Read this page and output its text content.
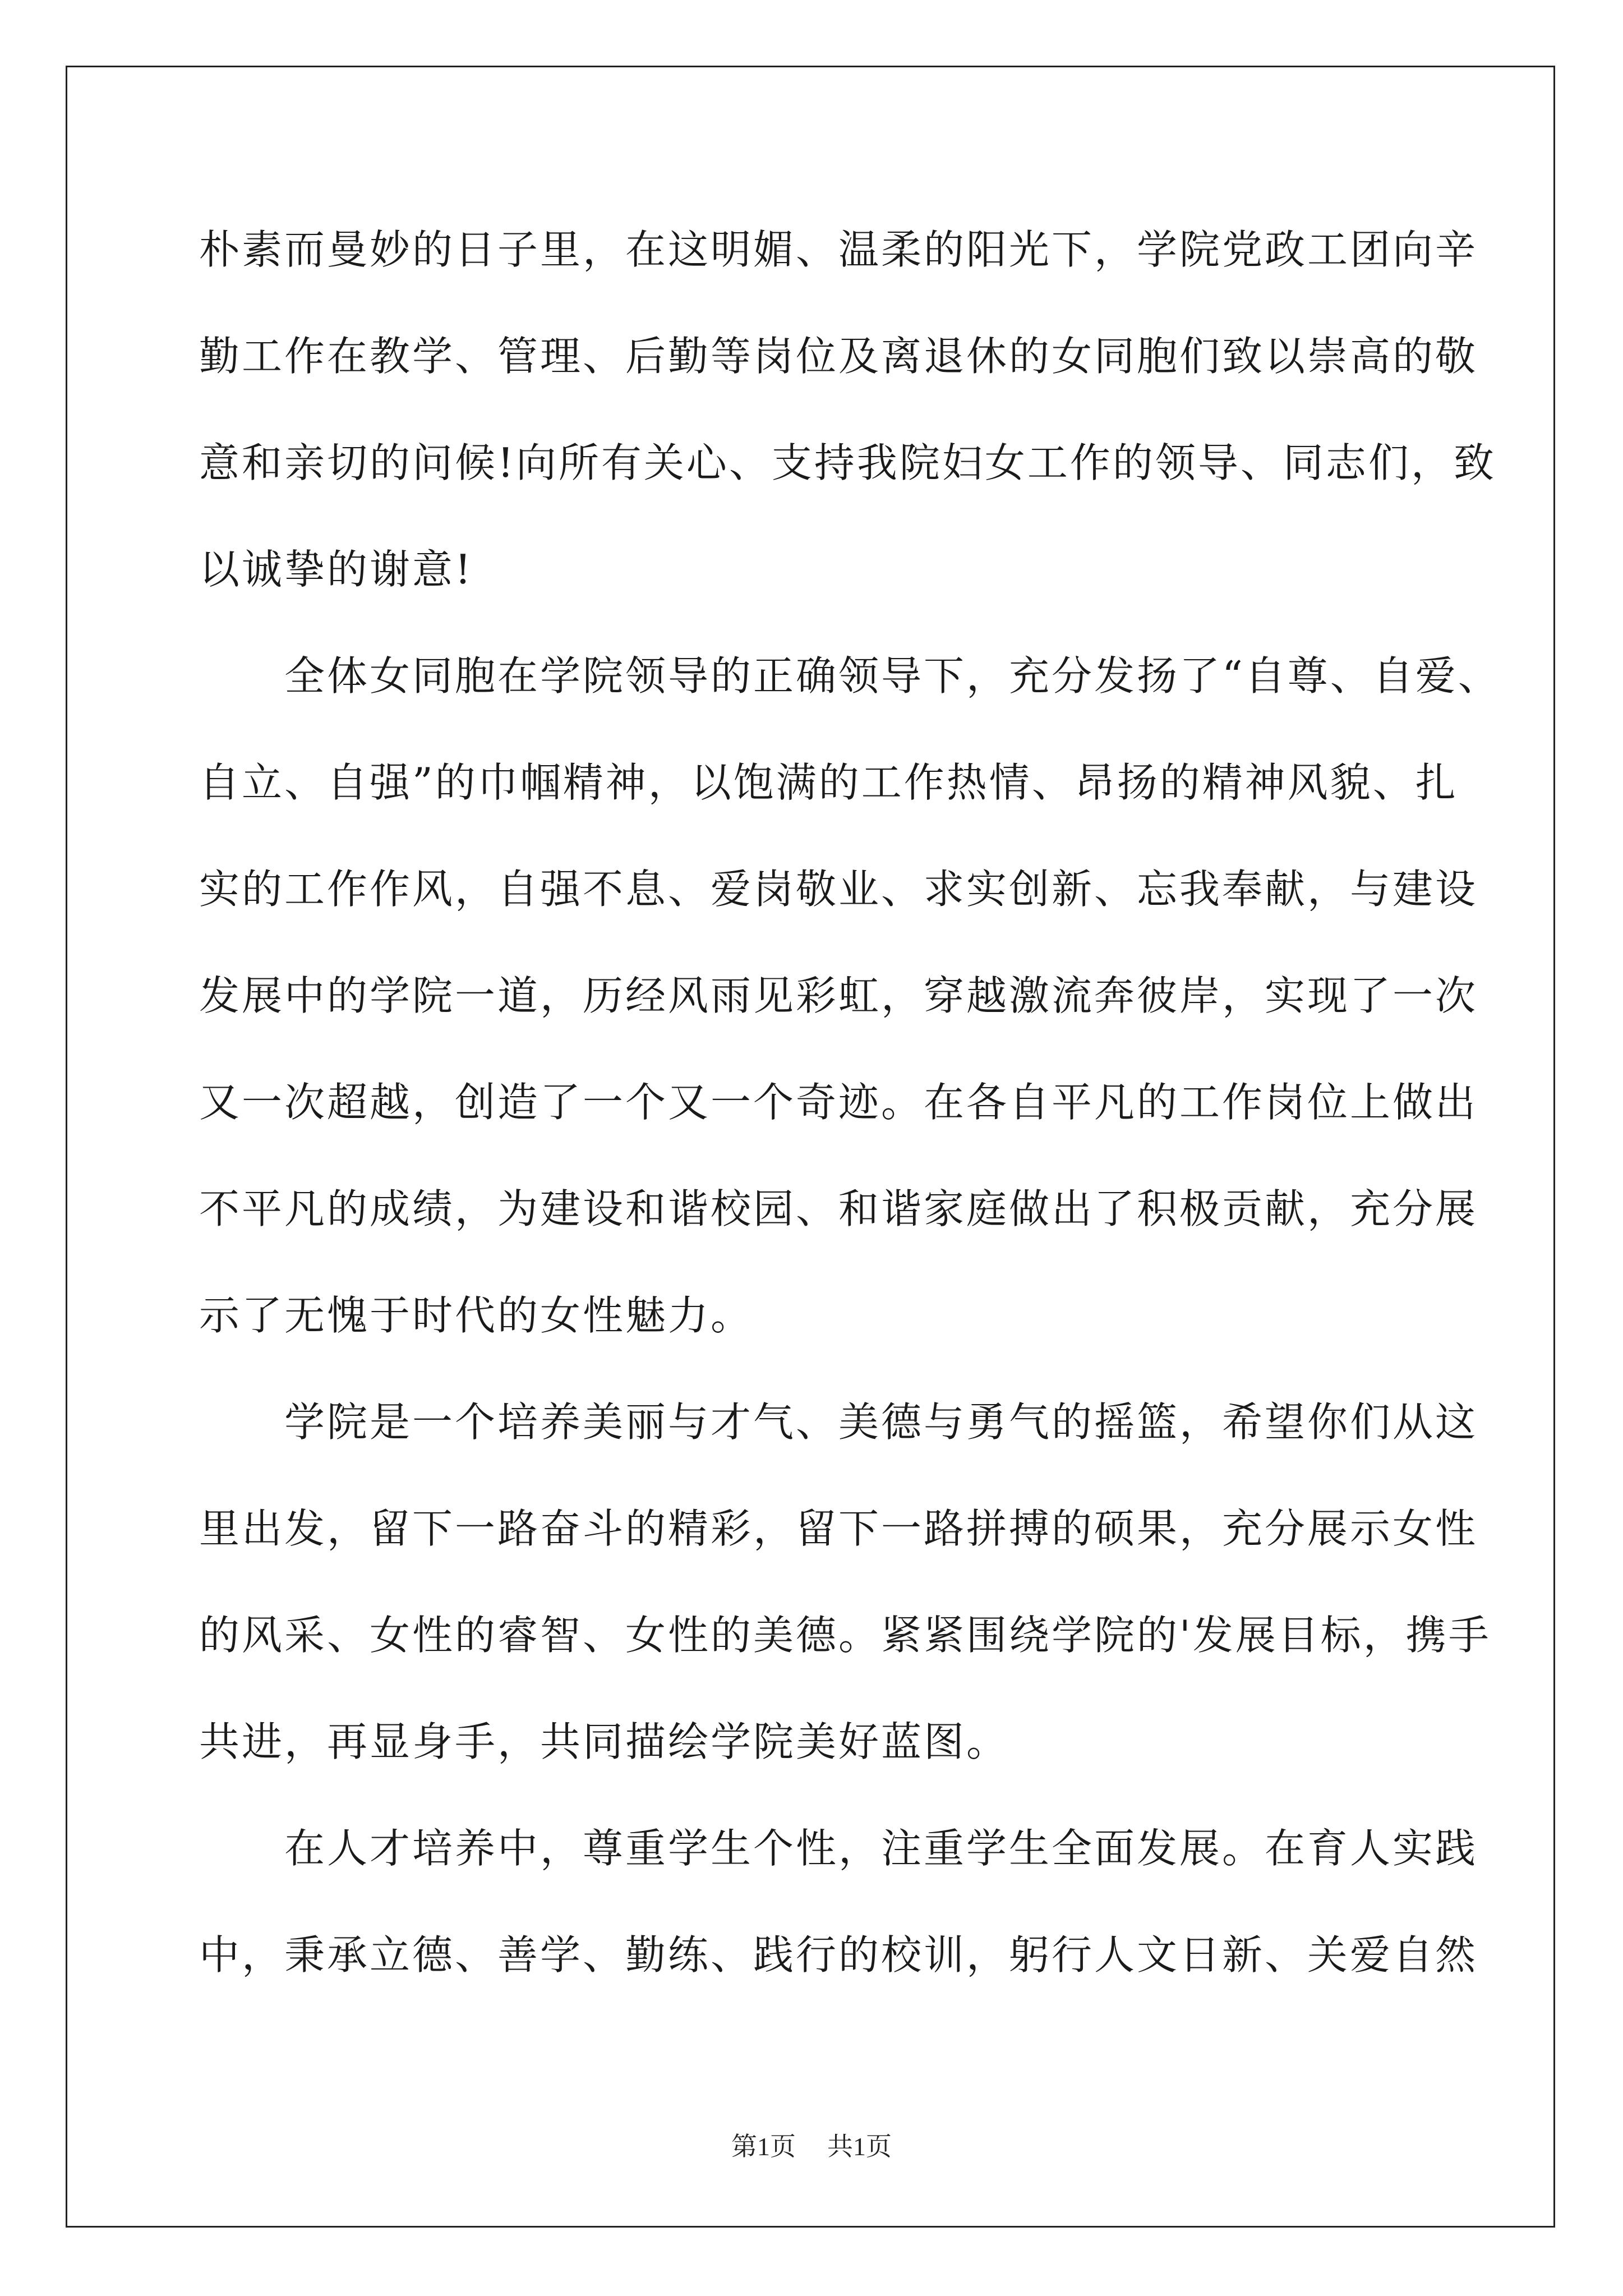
朴素而曼妙的日子里，在这明媚、温柔的阳光下，学院党政工团向辛
勤工作在教学、管理、后勤等岗位及离退休的女同胞们致以崇高的敬
意和亲切的问候!向所有关心、支持我院妇女工作的领导、同志们，致
以诚挚的谢意!

　　全体女同胞在学院领导的正确领导下，充分发扬了“自尊、自爱、
自立、自强”的巾帼精神，以饱满的工作热情、昂扬的精神风貌、扎
实的工作作风，自强不息、爱岗敬业、求实创新、忘我奉献，与建设
发展中的学院一道，历经风雨见彩虹，穿越激流奔彼岸，实现了一次
又一次超越，创造了一个又一个奇迹。在各自平凡的工作岗位上做出
不平凡的成绩，为建设和谐校园、和谐家庭做出了积极贡献，充分展
示了无愧于时代的女性魅力。

　　学院是一个培养美丽与才气、美德与勇气的摇篮，希望你们从这
里出发，留下一路奋斗的精彩，留下一路拼搏的硕果，充分展示女性
的风采、女性的睿智、女性的美德。紧紧围绕学院的'发展目标，携手
共进，再显身手，共同描绘学院美好蓝图。

　　在人才培养中，尊重学生个性，注重学生全面发展。在育人实践
中，秉承立德、善学、勤练、践行的校训，躬行人文日新、关爱自然

第1页 共1页
